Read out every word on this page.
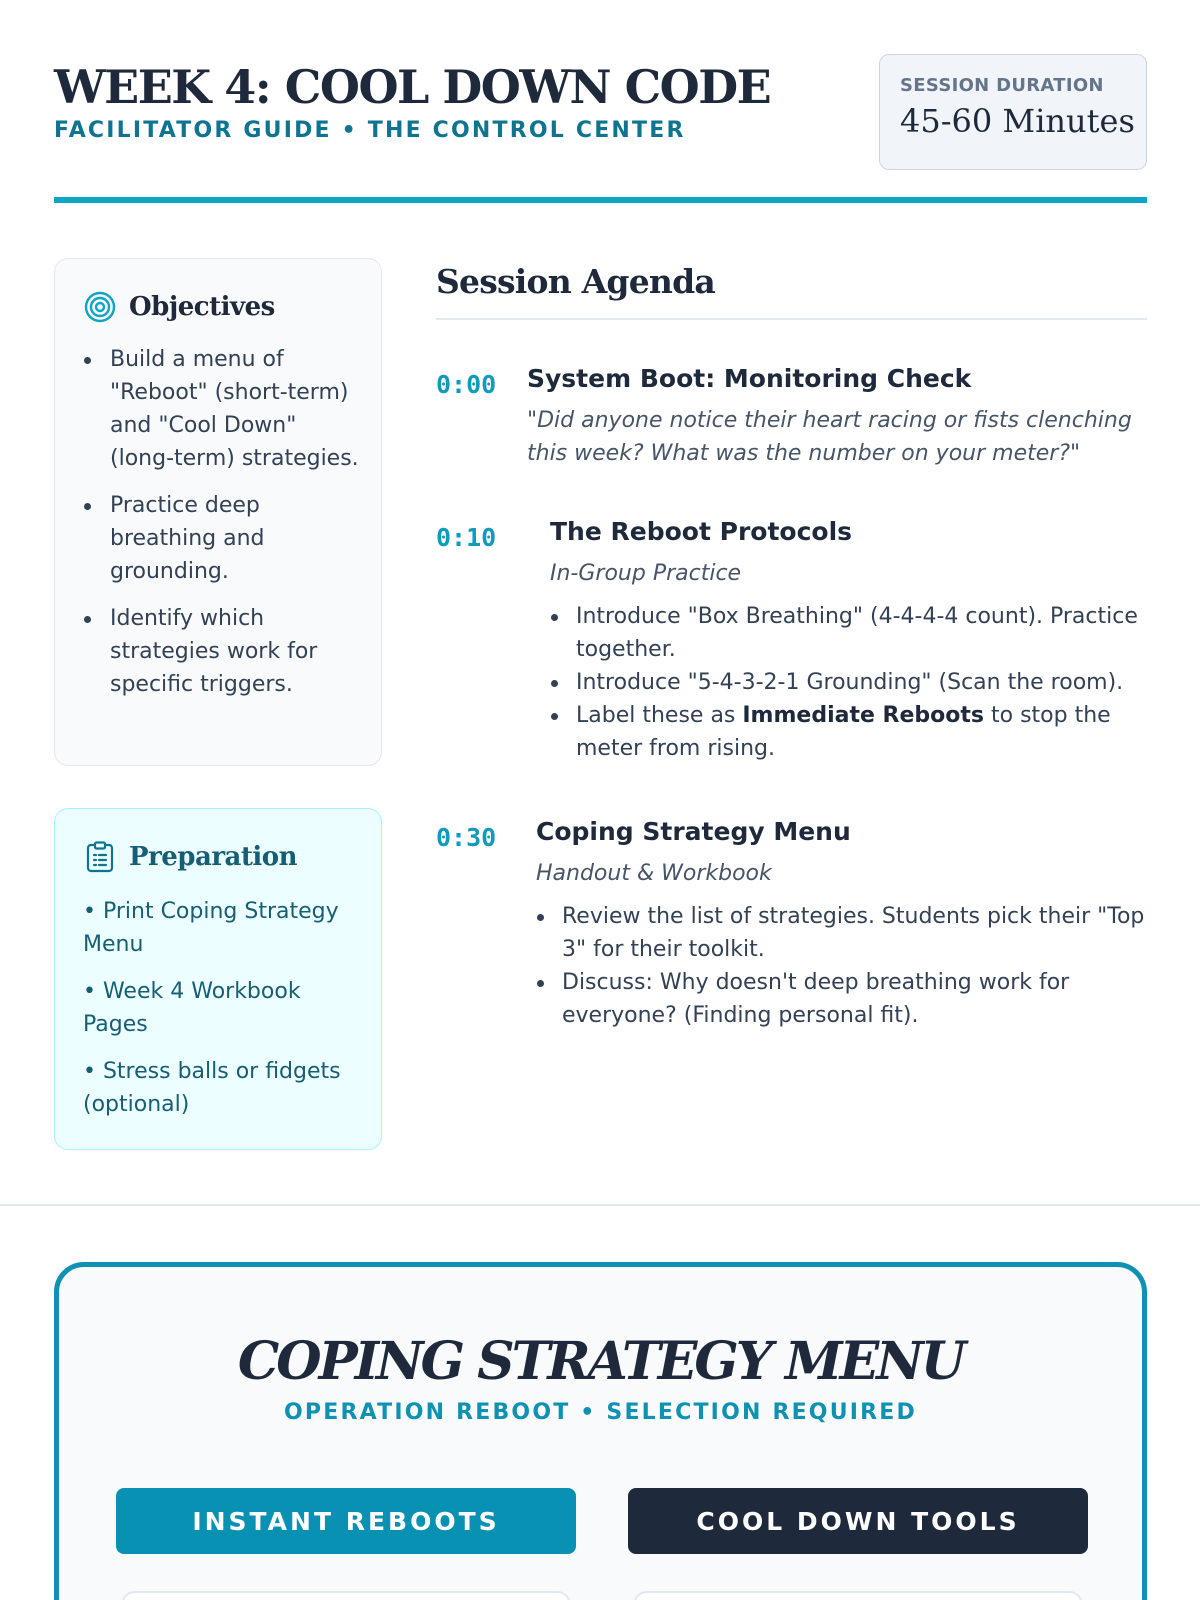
WEEK 4: COOL DOWN CODE
FACILITATOR GUIDE • THE CONTROL CENTER
SESSION DURATION
45-60 Minutes
Objectives
Build a menu of "Reboot" (short-term) and "Cool Down" (long-term) strategies.
Practice deep breathing and grounding.
Identify which strategies work for specific triggers.
Preparation
• Print Coping Strategy Menu
• Week 4 Workbook Pages
• Stress balls or fidgets (optional)
Session Agenda
0:00 System Boot: Monitoring Check
"Did anyone notice their heart racing or fists clenching this week? What was the number on your meter?"
0:10 The Reboot Protocols
In-Group Practice
Introduce "Box Breathing" (4-4-4-4 count). Practice together.
Introduce "5-4-3-2-1 Grounding" (Scan the room).
Label these as Immediate Reboots to stop the meter from rising.
0:30 Coping Strategy Menu
Handout & Workbook
Review the list of strategies. Students pick their "Top 3" for their toolkit.
Discuss: Why doesn't deep breathing work for everyone? (Finding personal fit).
COPING STRATEGY MENU
OPERATION REBOOT • SELECTION REQUIRED
INSTANT REBOOTS	COOL DOWN TOOLS
